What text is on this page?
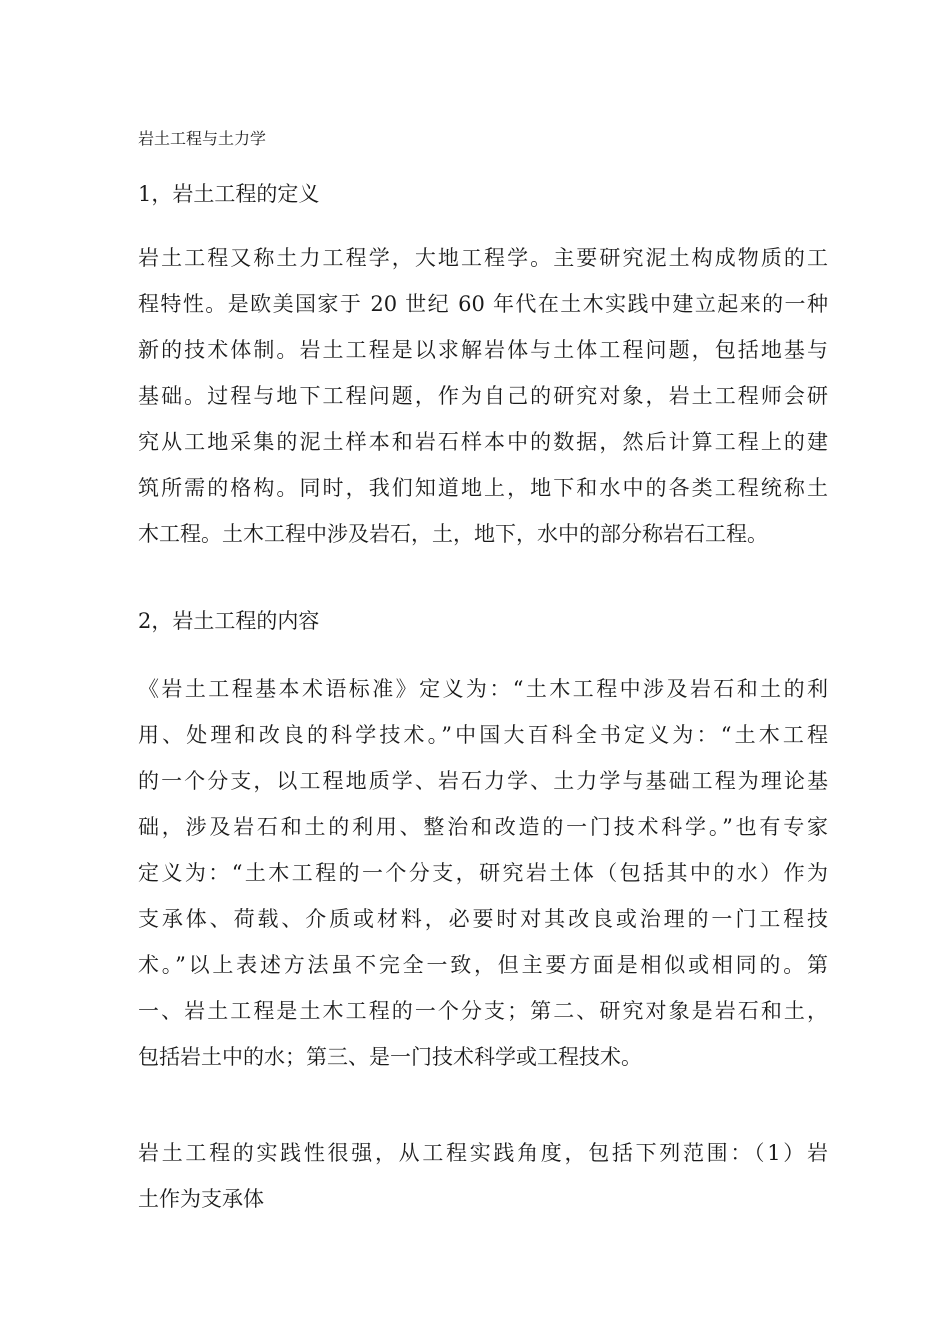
岩土工程与土力学
1，岩土工程的定义
岩土工程又称土力工程学，大地工程学。主要研究泥土构成物质的工
程特性。是欧美国家于 20 世纪 60 年代在土木实践中建立起来的一种
新的技术体制。岩土工程是以求解岩体与土体工程问题，包括地基与
基础。过程与地下工程问题，作为自己的研究对象，岩土工程师会研
究从工地采集的泥土样本和岩石样本中的数据，然后计算工程上的建
筑所需的格构。同时，我们知道地上，地下和水中的各类工程统称土
木工程。土木工程中涉及岩石，土，地下，水中的部分称岩石工程。
2，岩土工程的内容
《岩土工程基本术语标准》定义为：“土木工程中涉及岩石和土的利
用、处理和改良的科学技术。”中国大百科全书定义为：“土木工程
的一个分支，以工程地质学、岩石力学、土力学与基础工程为理论基
础，涉及岩石和土的利用、整治和改造的一门技术科学。”也有专家
定义为：“土木工程的一个分支，研究岩土体（包括其中的水）作为
支承体、荷载、介质或材料，必要时对其改良或治理的一门工程技
术。”以上表述方法虽不完全一致，但主要方面是相似或相同的。第
一、岩土工程是土木工程的一个分支；第二、研究对象是岩石和土，
包括岩土中的水；第三、是一门技术科学或工程技术。
岩土工程的实践性很强，从工程实践角度，包括下列范围：（1）岩
土作为支承体
